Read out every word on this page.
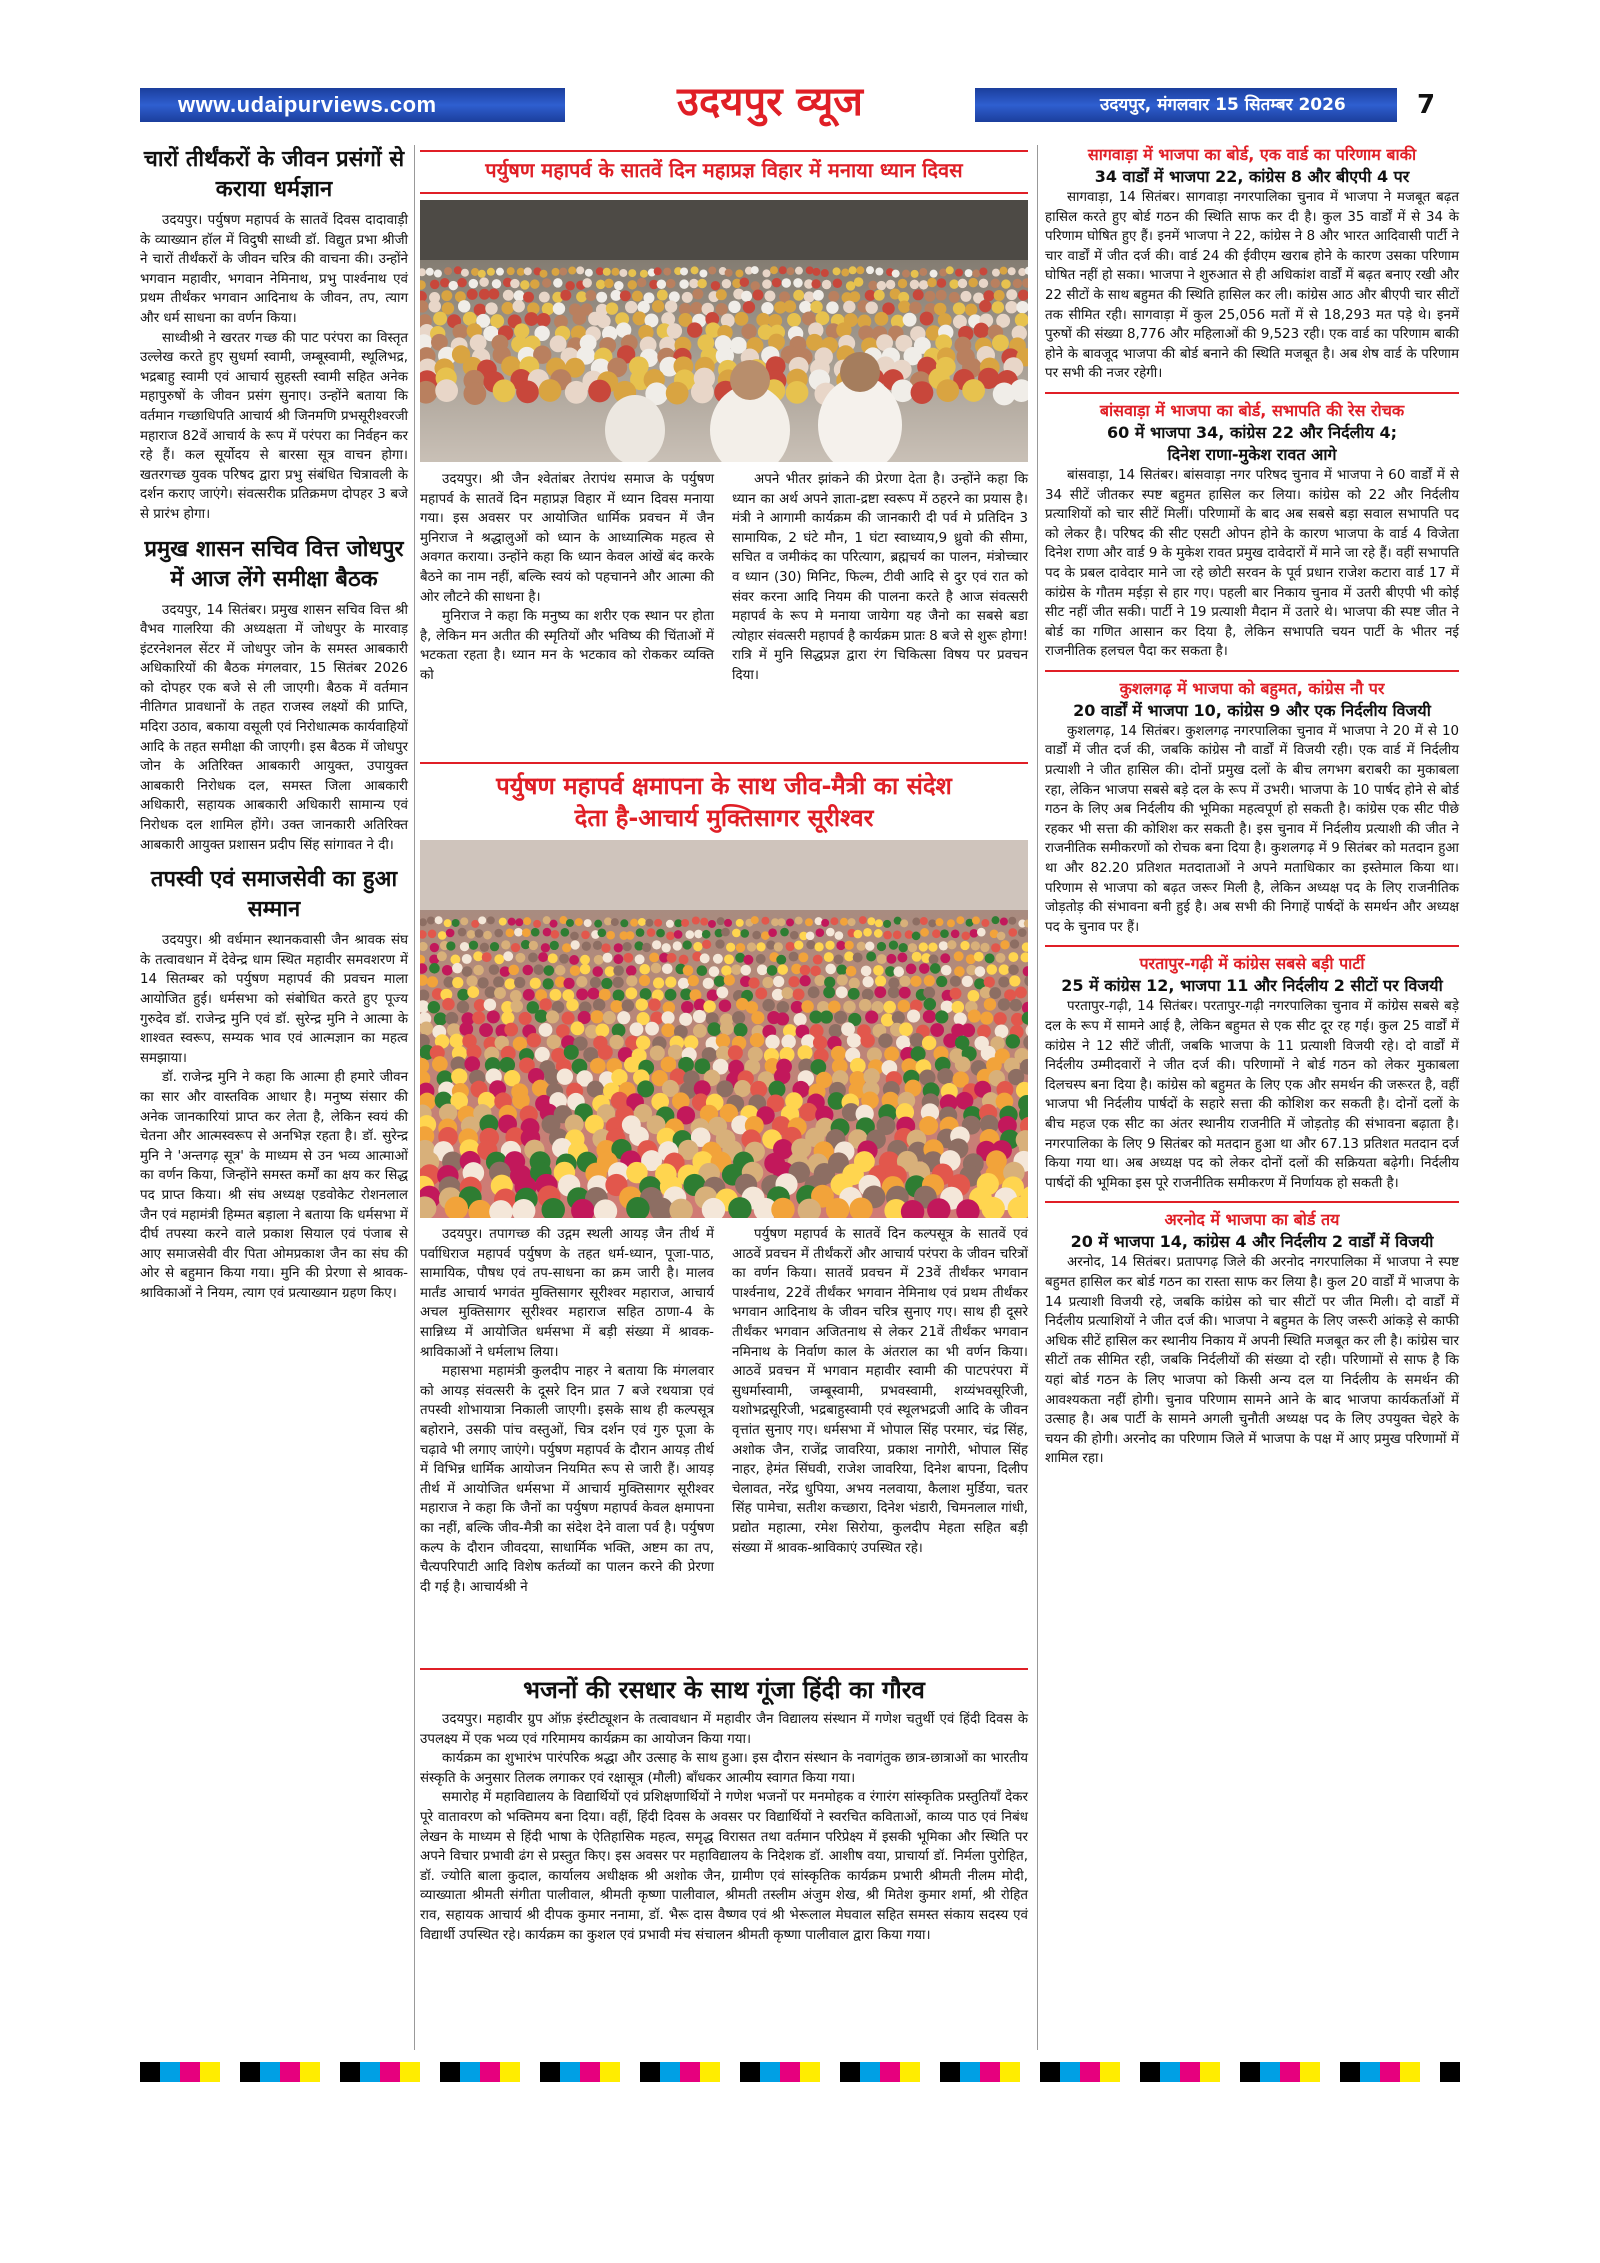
www.udaipurviews.com	उदयपुर व्यूज	उदयपुर, मंगलवार 15 सितम्बर 2026	7
चारों तीर्थंकरों के जीवन प्रसंगों से कराया धर्मज्ञान

उदयपुर। पर्युषण महापर्व के सातवें दिवस दादावाड़ी के व्याख्यान हॉल में विदुषी साध्वी डॉ. विद्युत प्रभा श्रीजी ने चारों तीर्थंकरों के जीवन चरित्र की वाचना की। उन्होंने भगवान महावीर, भगवान नेमिनाथ, प्रभु पार्श्वनाथ एवं प्रथम तीर्थंकर भगवान आदिनाथ के जीवन, तप, त्याग और धर्म साधना का वर्णन किया।

साध्वीश्री ने खरतर गच्छ की पाट परंपरा का विस्तृत उल्लेख करते हुए सुधर्मा स्वामी, जम्बूस्वामी, स्थूलिभद्र, भद्रबाहु स्वामी एवं आचार्य सुहस्ती स्वामी सहित अनेक महापुरुषों के जीवन प्रसंग सुनाए। उन्होंने बताया कि वर्तमान गच्छाधिपति आचार्य श्री जिनमणि प्रभसूरीश्वरजी महाराज 82वें आचार्य के रूप में परंपरा का निर्वहन कर रहे हैं। कल सूर्योदय से बारसा सूत्र वाचन होगा। खतरगच्छ युवक परिषद द्वारा प्रभु संबंधित चित्रावली के दर्शन कराए जाएंगे। संवत्सरीक प्रतिक्रमण दोपहर 3 बजे से प्रारंभ होगा।

प्रमुख शासन सचिव वित्त जोधपुर में आज लेंगे समीक्षा बैठक

उदयपुर, 14 सितंबर। प्रमुख शासन सचिव वित्त श्री वैभव गालरिया की अध्यक्षता में जोधपुर के मारवाड़ इंटरनेशनल सेंटर में जोधपुर जोन के समस्त आबकारी अधिकारियों की बैठक मंगलवार, 15 सितंबर 2026 को दोपहर एक बजे से ली जाएगी। बैठक में वर्तमान नीतिगत प्रावधानों के तहत राजस्व लक्ष्यों की प्राप्ति, मदिरा उठाव, बकाया वसूली एवं निरोधात्मक कार्यवाहियों आदि के तहत समीक्षा की जाएगी। इस बैठक में जोधपुर जोन के अतिरिक्त आबकारी आयुक्त, उपायुक्त आबकारी निरोधक दल, समस्त जिला आबकारी अधिकारी, सहायक आबकारी अधिकारी सामान्य एवं निरोधक दल शामिल होंगे। उक्त जानकारी अतिरिक्त आबकारी आयुक्त प्रशासन प्रदीप सिंह सांगावत ने दी।

तपस्वी एवं समाजसेवी का हुआ सम्मान

उदयपुर। श्री वर्धमान स्थानकवासी जैन श्रावक संघ के तत्वावधान में देवेन्द्र धाम स्थित महावीर समवशरण में 14 सितम्बर को पर्युषण महापर्व की प्रवचन माला आयोजित हुई। धर्मसभा को संबोधित करते हुए पूज्य गुरुदेव डॉ. राजेन्द्र मुनि एवं डॉ. सुरेन्द्र मुनि ने आत्मा के शाश्वत स्वरूप, सम्यक भाव एवं आत्मज्ञान का महत्व समझाया।

डॉ. राजेन्द्र मुनि ने कहा कि आत्मा ही हमारे जीवन का सार और वास्तविक आधार है। मनुष्य संसार की अनेक जानकारियां प्राप्त कर लेता है, लेकिन स्वयं की चेतना और आत्मस्वरूप से अनभिज्ञ रहता है। डॉ. सुरेन्द्र मुनि ने 'अन्तगढ़ सूत्र' के माध्यम से उन भव्य आत्माओं का वर्णन किया, जिन्होंने समस्त कर्मों का क्षय कर सिद्ध पद प्राप्त किया। श्री संघ अध्यक्ष एडवोकेट रोशनलाल जैन एवं महामंत्री हिम्मत बड़ाला ने बताया कि धर्मसभा में दीर्घ तपस्या करने वाले प्रकाश सियाल एवं पंजाब से आए समाजसेवी वीर पिता ओमप्रकाश जैन का संघ की ओर से बहुमान किया गया। मुनि की प्रेरणा से श्रावक-श्राविकाओं ने नियम, त्याग एवं प्रत्याख्यान ग्रहण किए।

पर्युषण महापर्व के सातवें दिन महाप्रज्ञ विहार में मनाया ध्यान दिवस

उदयपुर। श्री जैन श्वेतांबर तेरापंथ समाज के पर्युषण महापर्व के सातवें दिन महाप्रज्ञ विहार में ध्यान दिवस मनाया गया। इस अवसर पर आयोजित धार्मिक प्रवचन में जैन मुनिराज ने श्रद्धालुओं को ध्यान के आध्यात्मिक महत्व से अवगत कराया। उन्होंने कहा कि ध्यान केवल आंखें बंद करके बैठने का नाम नहीं, बल्कि स्वयं को पहचानने और आत्मा की ओर लौटने की साधना है।

मुनिराज ने कहा कि मनुष्य का शरीर एक स्थान पर होता है, लेकिन मन अतीत की स्मृतियों और भविष्य की चिंताओं में भटकता रहता है। ध्यान मन के भटकाव को रोककर व्यक्ति को

अपने भीतर झांकने की प्रेरणा देता है। उन्होंने कहा कि ध्यान का अर्थ अपने ज्ञाता-द्रष्टा स्वरूप में ठहरने का प्रयास है। मंत्री ने आगामी कार्यक्रम की जानकारी दी पर्व मे प्रतिदिन 3 सामायिक, 2 घंटे मौन, 1 घंटा स्वाध्याय,9 ध्रुवो की सीमा, सचित व जमीकंद का परित्याग, ब्रह्मचर्य का पालन, मंत्रोच्चार व ध्यान (30) मिनिट, फिल्म, टीवी आदि से दुर एवं रात को संवर करना आदि नियम की पालना करते है आज संवत्सरी महापर्व के रूप मे मनाया जायेगा यह जैनो का सबसे बडा त्योहार संवत्सरी महापर्व है कार्यक्रम प्रातः 8 बजे से शुरू होगा! रात्रि में मुनि सिद्धप्रज्ञ द्वारा रंग चिकित्सा विषय पर प्रवचन दिया।

पर्युषण महापर्व क्षमापना के साथ जीव-मैत्री का संदेश
देता है-आचार्य मुक्तिसागर सूरीश्वर

उदयपुर। तपागच्छ की उद्गम स्थली आयड़ जैन तीर्थ में पर्वाधिराज महापर्व पर्युषण के तहत धर्म-ध्यान, पूजा-पाठ, सामायिक, पौषध एवं तप-साधना का क्रम जारी है। मालव मार्तंड आचार्य भगवंत मुक्तिसागर सूरीश्वर महाराज, आचार्य अचल मुक्तिसागर सूरीश्वर महाराज सहित ठाणा-4 के सान्निध्य में आयोजित धर्मसभा में बड़ी संख्या में श्रावक-श्राविकाओं ने धर्मलाभ लिया।

महासभा महामंत्री कुलदीप नाहर ने बताया कि मंगलवार को आयड़ संवत्सरी के दूसरे दिन प्रात 7 बजे रथयात्रा एवं तपस्वी शोभायात्रा निकाली जाएगी। इसके साथ ही कल्पसूत्र बहोराने, उसकी पांच वस्तुओं, चित्र दर्शन एवं गुरु पूजा के चढ़ावे भी लगाए जाएंगे। पर्युषण महापर्व के दौरान आयड़ तीर्थ में विभिन्न धार्मिक आयोजन नियमित रूप से जारी हैं। आयड़ तीर्थ में आयोजित धर्मसभा में आचार्य मुक्तिसागर सूरीश्वर महाराज ने कहा कि जैनों का पर्युषण महापर्व केवल क्षमापना का नहीं, बल्कि जीव-मैत्री का संदेश देने वाला पर्व है। पर्युषण कल्प के दौरान जीवदया, साधार्मिक भक्ति, अष्टम का तप, चैत्यपरिपाटी आदि विशेष कर्तव्यों का पालन करने की प्रेरणा दी गई है। आचार्यश्री ने

पर्युषण महापर्व के सातवें दिन कल्पसूत्र के सातवें एवं आठवें प्रवचन में तीर्थंकरों और आचार्य परंपरा के जीवन चरित्रों का वर्णन किया। सातवें प्रवचन में 23वें तीर्थंकर भगवान पार्श्वनाथ, 22वें तीर्थंकर भगवान नेमिनाथ एवं प्रथम तीर्थंकर भगवान आदिनाथ के जीवन चरित्र सुनाए गए। साथ ही दूसरे तीर्थंकर भगवान अजितनाथ से लेकर 21वें तीर्थंकर भगवान नमिनाथ के निर्वाण काल के अंतराल का भी वर्णन किया। आठवें प्रवचन में भगवान महावीर स्वामी की पाटपरंपरा में सुधर्मास्वामी, जम्बूस्वामी, प्रभवस्वामी, शय्यंभवसूरिजी, यशोभद्रसूरिजी, भद्रबाहुस्वामी एवं स्थूलभद्रजी आदि के जीवन वृत्तांत सुनाए गए। धर्मसभा में भोपाल सिंह परमार, चंद्र सिंह, अशोक जैन, राजेंद्र जावरिया, प्रकाश नागोरी, भोपाल सिंह नाहर, हेमंत सिंघवी, राजेश जावरिया, दिनेश बापना, दिलीप चेलावत, नरेंद्र धुपिया, अभय नलवाया, कैलाश मुर्डिया, चतर सिंह पामेचा, सतीश कच्छारा, दिनेश भंडारी, चिमनलाल गांधी, प्रद्योत महात्मा, रमेश सिरोया, कुलदीप मेहता सहित बड़ी संख्या में श्रावक-श्राविकाएं उपस्थित रहे।

भजनों की रसधार के साथ गूंजा हिंदी का गौरव

उदयपुर। महावीर ग्रुप ऑफ़ इंस्टीट्यूशन के तत्वावधान में महावीर जैन विद्यालय संस्थान में गणेश चतुर्थी एवं हिंदी दिवस के उपलक्ष्य में एक भव्य एवं गरिमामय कार्यक्रम का आयोजन किया गया।

कार्यक्रम का शुभारंभ पारंपरिक श्रद्धा और उत्साह के साथ हुआ। इस दौरान संस्थान के नवागंतुक छात्र-छात्राओं का भारतीय संस्कृति के अनुसार तिलक लगाकर एवं रक्षासूत्र (मौली) बाँधकर आत्मीय स्वागत किया गया।

समारोह में महाविद्यालय के विद्यार्थियों एवं प्रशिक्षणार्थियों ने गणेश भजनों पर मनमोहक व रंगारंग सांस्कृतिक प्रस्तुतियाँ देकर पूरे वातावरण को भक्तिमय बना दिया। वहीं, हिंदी दिवस के अवसर पर विद्यार्थियों ने स्वरचित कविताओं, काव्य पाठ एवं निबंध लेखन के माध्यम से हिंदी भाषा के ऐतिहासिक महत्व, समृद्ध विरासत तथा वर्तमान परिप्रेक्ष्य में इसकी भूमिका और स्थिति पर अपने विचार प्रभावी ढंग से प्रस्तुत किए। इस अवसर पर महाविद्यालय के निदेशक डॉ. आशीष वया, प्राचार्या डॉ. निर्मला पुरोहित, डॉ. ज्योति बाला कुदाल, कार्यालय अधीक्षक श्री अशोक जैन, ग्रामीण एवं सांस्कृतिक कार्यक्रम प्रभारी श्रीमती नीलम मोदी, व्याख्याता श्रीमती संगीता पालीवाल, श्रीमती कृष्णा पालीवाल, श्रीमती तस्लीम अंजुम शेख, श्री मितेश कुमार शर्मा, श्री रोहित राव, सहायक आचार्य श्री दीपक कुमार ननामा, डॉ. भैरू दास वैष्णव एवं श्री भेरूलाल मेघवाल सहित समस्त संकाय सदस्य एवं विद्यार्थी उपस्थित रहे। कार्यक्रम का कुशल एवं प्रभावी मंच संचालन श्रीमती कृष्णा पालीवाल द्वारा किया गया।

सागवाड़ा में भाजपा का बोर्ड, एक वार्ड का परिणाम बाकी
34 वार्डों में भाजपा 22, कांग्रेस 8 और बीएपी 4 पर

सागवाड़ा, 14 सितंबर। सागवाड़ा नगरपालिका चुनाव में भाजपा ने मजबूत बढ़त हासिल करते हुए बोर्ड गठन की स्थिति साफ कर दी है। कुल 35 वार्डों में से 34 के परिणाम घोषित हुए हैं। इनमें भाजपा ने 22, कांग्रेस ने 8 और भारत आदिवासी पार्टी ने चार वार्डों में जीत दर्ज की। वार्ड 24 की ईवीएम खराब होने के कारण उसका परिणाम घोषित नहीं हो सका। भाजपा ने शुरुआत से ही अधिकांश वार्डों में बढ़त बनाए रखी और 22 सीटों के साथ बहुमत की स्थिति हासिल कर ली। कांग्रेस आठ और बीएपी चार सीटों तक सीमित रही। सागवाड़ा में कुल 25,056 मतों में से 18,293 मत पड़े थे। इनमें पुरुषों की संख्या 8,776 और महिलाओं की 9,523 रही। एक वार्ड का परिणाम बाकी होने के बावजूद भाजपा की बोर्ड बनाने की स्थिति मजबूत है। अब शेष वार्ड के परिणाम पर सभी की नजर रहेगी।

बांसवाड़ा में भाजपा का बोर्ड, सभापति की रेस रोचक
60 में भाजपा 34, कांग्रेस 22 और निर्दलीय 4;
दिनेश राणा-मुकेश रावत आगे

बांसवाड़ा, 14 सितंबर। बांसवाड़ा नगर परिषद चुनाव में भाजपा ने 60 वार्डों में से 34 सीटें जीतकर स्पष्ट बहुमत हासिल कर लिया। कांग्रेस को 22 और निर्दलीय प्रत्याशियों को चार सीटें मिलीं। परिणामों के बाद अब सबसे बड़ा सवाल सभापति पद को लेकर है। परिषद की सीट एसटी ओपन होने के कारण भाजपा के वार्ड 4 विजेता दिनेश राणा और वार्ड 9 के मुकेश रावत प्रमुख दावेदारों में माने जा रहे हैं। वहीं सभापति पद के प्रबल दावेदार माने जा रहे छोटी सरवन के पूर्व प्रधान राजेश कटारा वार्ड 17 में कांग्रेस के गौतम मईड़ा से हार गए। पहली बार निकाय चुनाव में उतरी बीएपी भी कोई सीट नहीं जीत सकी। पार्टी ने 19 प्रत्याशी मैदान में उतारे थे। भाजपा की स्पष्ट जीत ने बोर्ड का गणित आसान कर दिया है, लेकिन सभापति चयन पार्टी के भीतर नई राजनीतिक हलचल पैदा कर सकता है।

कुशलगढ़ में भाजपा को बहुमत, कांग्रेस नौ पर
20 वार्डों में भाजपा 10, कांग्रेस 9 और एक निर्दलीय विजयी

कुशलगढ़, 14 सितंबर। कुशलगढ़ नगरपालिका चुनाव में भाजपा ने 20 में से 10 वार्डों में जीत दर्ज की, जबकि कांग्रेस नौ वार्डों में विजयी रही। एक वार्ड में निर्दलीय प्रत्याशी ने जीत हासिल की। दोनों प्रमुख दलों के बीच लगभग बराबरी का मुकाबला रहा, लेकिन भाजपा सबसे बड़े दल के रूप में उभरी। भाजपा के 10 पार्षद होने से बोर्ड गठन के लिए अब निर्दलीय की भूमिका महत्वपूर्ण हो सकती है। कांग्रेस एक सीट पीछे रहकर भी सत्ता की कोशिश कर सकती है। इस चुनाव में निर्दलीय प्रत्याशी की जीत ने राजनीतिक समीकरणों को रोचक बना दिया है। कुशलगढ़ में 9 सितंबर को मतदान हुआ था और 82.20 प्रतिशत मतदाताओं ने अपने मताधिकार का इस्तेमाल किया था। परिणाम से भाजपा को बढ़त जरूर मिली है, लेकिन अध्यक्ष पद के लिए राजनीतिक जोड़तोड़ की संभावना बनी हुई है। अब सभी की निगाहें पार्षदों के समर्थन और अध्यक्ष पद के चुनाव पर हैं।

परतापुर-गढ़ी में कांग्रेस सबसे बड़ी पार्टी
25 में कांग्रेस 12, भाजपा 11 और निर्दलीय 2 सीटों पर विजयी

परतापुर-गढ़ी, 14 सितंबर। परतापुर-गढ़ी नगरपालिका चुनाव में कांग्रेस सबसे बड़े दल के रूप में सामने आई है, लेकिन बहुमत से एक सीट दूर रह गई। कुल 25 वार्डों में कांग्रेस ने 12 सीटें जीतीं, जबकि भाजपा के 11 प्रत्याशी विजयी रहे। दो वार्डों में निर्दलीय उम्मीदवारों ने जीत दर्ज की। परिणामों ने बोर्ड गठन को लेकर मुकाबला दिलचस्प बना दिया है। कांग्रेस को बहुमत के लिए एक और समर्थन की जरूरत है, वहीं भाजपा भी निर्दलीय पार्षदों के सहारे सत्ता की कोशिश कर सकती है। दोनों दलों के बीच महज एक सीट का अंतर स्थानीय राजनीति में जोड़तोड़ की संभावना बढ़ाता है। नगरपालिका के लिए 9 सितंबर को मतदान हुआ था और 67.13 प्रतिशत मतदान दर्ज किया गया था। अब अध्यक्ष पद को लेकर दोनों दलों की सक्रियता बढ़ेगी। निर्दलीय पार्षदों की भूमिका इस पूरे राजनीतिक समीकरण में निर्णायक हो सकती है।

अरनोद में भाजपा का बोर्ड तय
20 में भाजपा 14, कांग्रेस 4 और निर्दलीय 2 वार्डों में विजयी

अरनोद, 14 सितंबर। प्रतापगढ़ जिले की अरनोद नगरपालिका में भाजपा ने स्पष्ट बहुमत हासिल कर बोर्ड गठन का रास्ता साफ कर लिया है। कुल 20 वार्डों में भाजपा के 14 प्रत्याशी विजयी रहे, जबकि कांग्रेस को चार सीटों पर जीत मिली। दो वार्डों में निर्दलीय प्रत्याशियों ने जीत दर्ज की। भाजपा ने बहुमत के लिए जरूरी आंकड़े से काफी अधिक सीटें हासिल कर स्थानीय निकाय में अपनी स्थिति मजबूत कर ली है। कांग्रेस चार सीटों तक सीमित रही, जबकि निर्दलीयों की संख्या दो रही। परिणामों से साफ है कि यहां बोर्ड गठन के लिए भाजपा को किसी अन्य दल या निर्दलीय के समर्थन की आवश्यकता नहीं होगी। चुनाव परिणाम सामने आने के बाद भाजपा कार्यकर्ताओं में उत्साह है। अब पार्टी के सामने अगली चुनौती अध्यक्ष पद के लिए उपयुक्त चेहरे के चयन की होगी। अरनोद का परिणाम जिले में भाजपा के पक्ष में आए प्रमुख परिणामों में शामिल रहा।
